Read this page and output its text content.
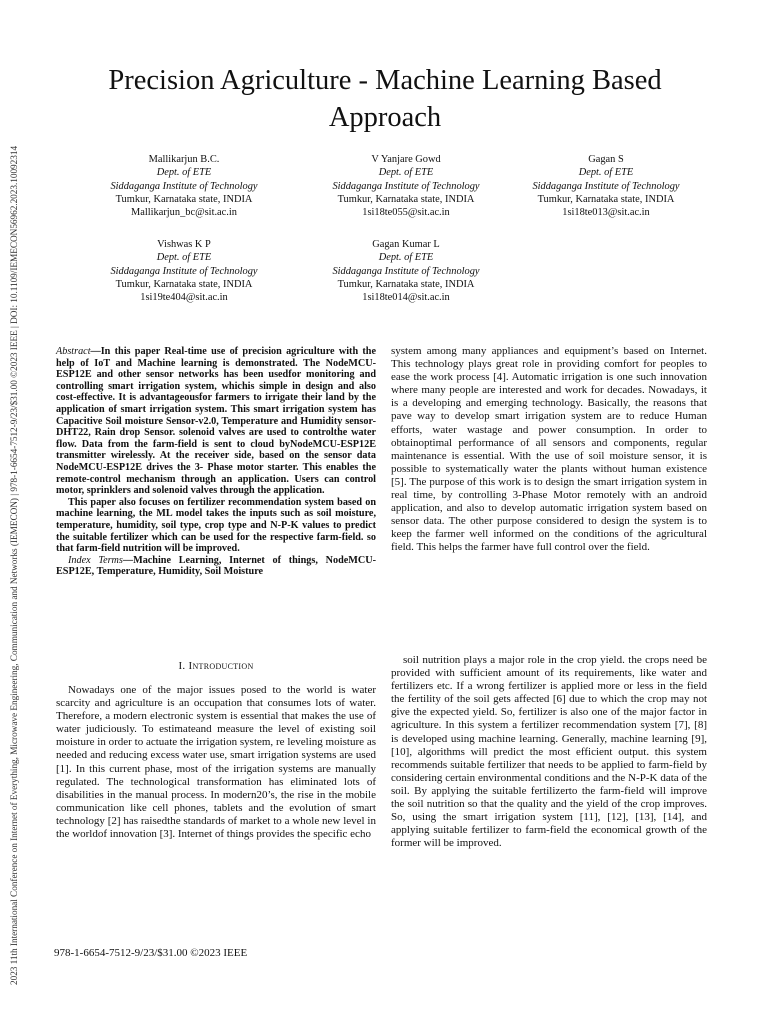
2023 11th International Conference on Internet of Everything, Microwave Engineering, Communication and Networks (IEMECON) | 978-1-6654-7512-9/23/$31.00 ©2023 IEEE | DOI: 10.1109/IEMECON56962.2023.10092314
Precision Agriculture - Machine Learning Based Approach
Mallikarjun B.C.
Dept. of ETE
Siddaganga Institute of Technology
Tumkur, Karnataka state, INDIA
Mallikarjun_bc@sit.ac.in
V Yanjare Gowd
Dept. of ETE
Siddaganga Institute of Technology
Tumkur, Karnataka state, INDIA
1si18te055@sit.ac.in
Gagan S
Dept. of ETE
Siddaganga Institute of Technology
Tumkur, Karnataka state, INDIA
1si18te013@sit.ac.in
Vishwas K P
Dept. of ETE
Siddaganga Institute of Technology
Tumkur, Karnataka state, INDIA
1si19te404@sit.ac.in
Gagan Kumar L
Dept. of ETE
Siddaganga Institute of Technology
Tumkur, Karnataka state, INDIA
1si18te014@sit.ac.in

Abstract—In this paper Real-time use of precision agriculture with the help of IoT and Machine learning is demonstrated. The NodeMCU-ESP12E and other sensor networks has been usedfor monitoring and controlling smart irrigation system, whichis simple in design and also cost-effective. It is advantageousfor farmers to irrigate their land by the application of smart irrigation system. This smart irrigation system has Capacitive Soil moisture Sensor-v2.0, Temperature and Humidity sensor- DHT22, Rain drop Sensor. solenoid valves are used to controlthe water flow. Data from the farm-field is sent to cloud byNodeMCU-ESP12E transmitter wirelessly. At the receiver side, based on the sensor data NodeMCU-ESP12E drives the 3- Phase motor starter. This enables the remote-control mechanism through an application. Users can control motor, sprinklers and solenoid valves through the application.

This paper also focuses on fertilizer recommendation system based on machine learning, the ML model takes the inputs such as soil moisture, temperature, humidity, soil type, crop type and N-P-K values to predict the suitable fertilizer which can be used for the respective farm-field. so that farm-field nutrition will be improved.

Index Terms—Machine Learning, Internet of things, NodeMCU-ESP12E, Temperature, Humidity, Soil Moisture

I. Introduction

Nowadays one of the major issues posed to the world is water scarcity and agriculture is an occupation that consumes lots of water. Therefore, a modern electronic system is essential that makes the use of water judiciously. To estimateand measure the level of existing soil moisture in order to actuate the irrigation system, re leveling moisture as needed and reducing excess water use, smart irrigation systems are used [1]. In this current phase, most of the irrigation systems are manually regulated. The technological transformation has eliminated lots of disabilities in the manual process. In modern20’s, the rise in the mobile communication like cell phones, tablets and the evolution of smart technology [2] has raisedthe standards of market to a whole new level in the worldof innovation [3]. Internet of things provides the specific echo

system among many appliances and equipment’s based on Internet. This technology plays great role in providing comfort for peoples to ease the work process [4]. Automatic irrigation is one such innovation where many people are interested and work for decades. Nowadays, it is a developing and emerging technology. Basically, the reasons that pave way to develop smart irrigation system are to reduce Human efforts, water wastage and power consumption. In order to obtainoptimal performance of all sensors and components, regular maintenance is essential. With the use of soil moisture sensor, it is possible to systematically water the plants without human existence [5]. The purpose of this work is to design the smart irrigation system in real time, by controlling 3-Phase Motor remotely with an android application, and also to develop automatic irrigation system based on sensor data. The other purpose considered to design the system is to keep the farmer well informed on the conditions of the agricultural field. This helps the farmer have full control over the field.

soil nutrition plays a major role in the crop yield. the crops need be provided with sufficient amount of its requirements, like water and fertilizers etc. If a wrong fertilizer is applied more or less in the field the fertility of the soil gets affected [6] due to which the crop may not give the expected yield. So, fertilizer is also one of the major factor in agriculture. In this system a fertilizer recommendation system [7], [8] is developed using machine learning. Generally, machine learning [9], [10], algorithms will predict the most efficient output. this system recommends suitable fertilizer that needs to be applied to farm-field by considering certain environmental conditions and the N-P-K data of the soil. By applying the suitable fertilizerto the farm-field will improve the soil nutrition so that the quality and the yield of the crop improves. So, using the smart irrigation system [11], [12], [13], [14], and applying suitable fertilizer to farm-field the economical growth of the former will be improved.

978-1-6654-7512-9/23/$31.00 ©2023 IEEE
